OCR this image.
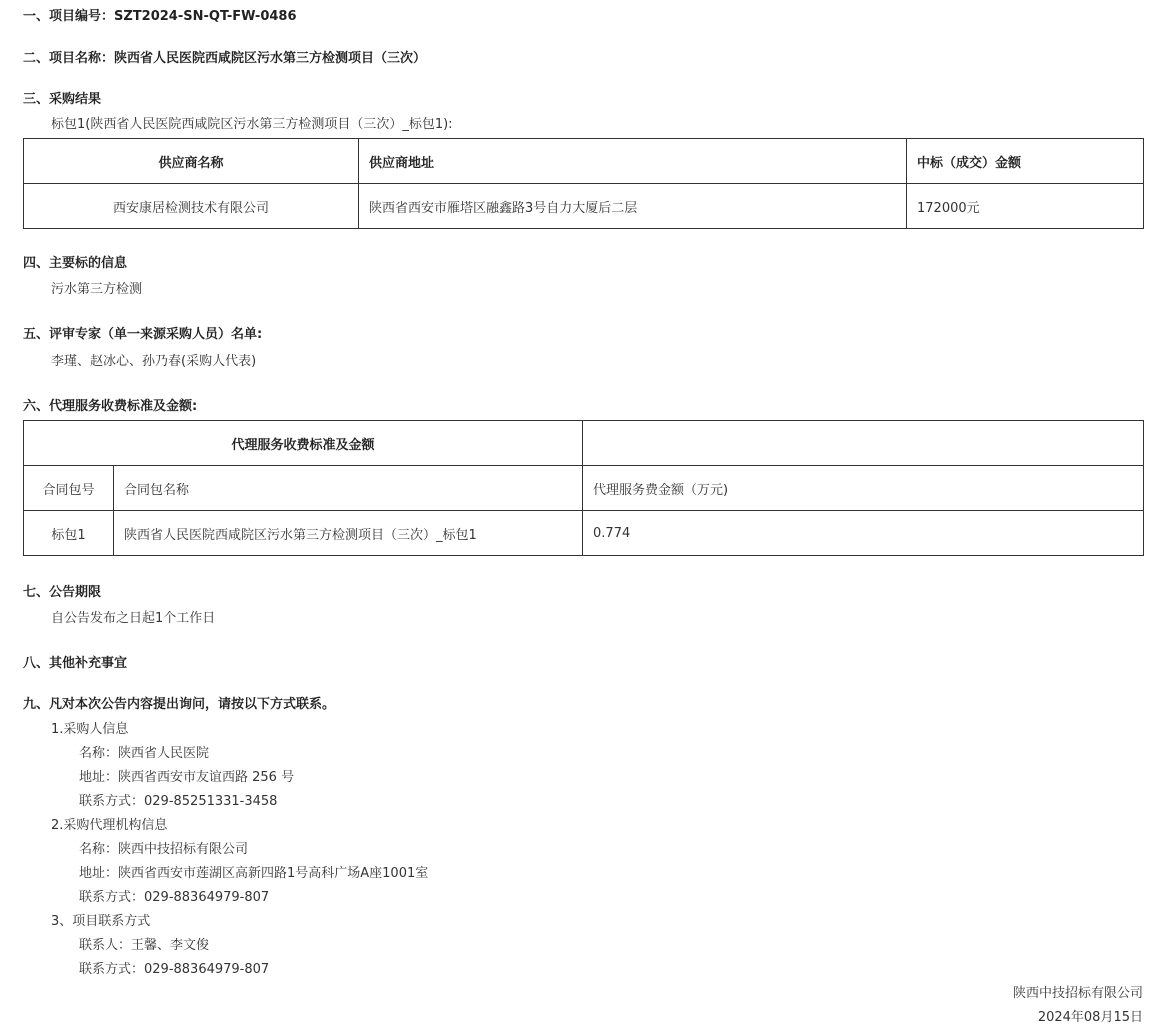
一、项目编号：SZT2024-SN-QT-FW-0486
二、项目名称：陕西省人民医院西咸院区污水第三方检测项目（三次）
三、采购结果
标包1(陕西省人民医院西咸院区污水第三方检测项目（三次）_标包1):
供应商名称	供应商地址	中标（成交）金额
西安康居检测技术有限公司	陕西省西安市雁塔区融鑫路3号自力大厦后二层	172000元
四、主要标的信息
污水第三方检测
五、评审专家（单一来源采购人员）名单:
李瑾、赵冰心、孙乃春(采购人代表)
六、代理服务收费标准及金额:
代理服务收费标准及金额		
合同包号	合同包名称	代理服务费金额（万元)
标包1	陕西省人民医院西咸院区污水第三方检测项目（三次）_标包1	0.774
七、公告期限
自公告发布之日起1个工作日
八、其他补充事宜
九、凡对本次公告内容提出询问，请按以下方式联系。
1.采购人信息
名称：陕西省人民医院
地址：陕西省西安市友谊西路 256 号
联系方式：029-85251331-3458
2.采购代理机构信息
名称：陕西中技招标有限公司
地址：陕西省西安市莲湖区高新四路1号高科广场A座1001室
联系方式：029-88364979-807
3、项目联系方式
联系人：王馨、李文俊
联系方式：029-88364979-807
陕西中技招标有限公司
2024年08月15日
